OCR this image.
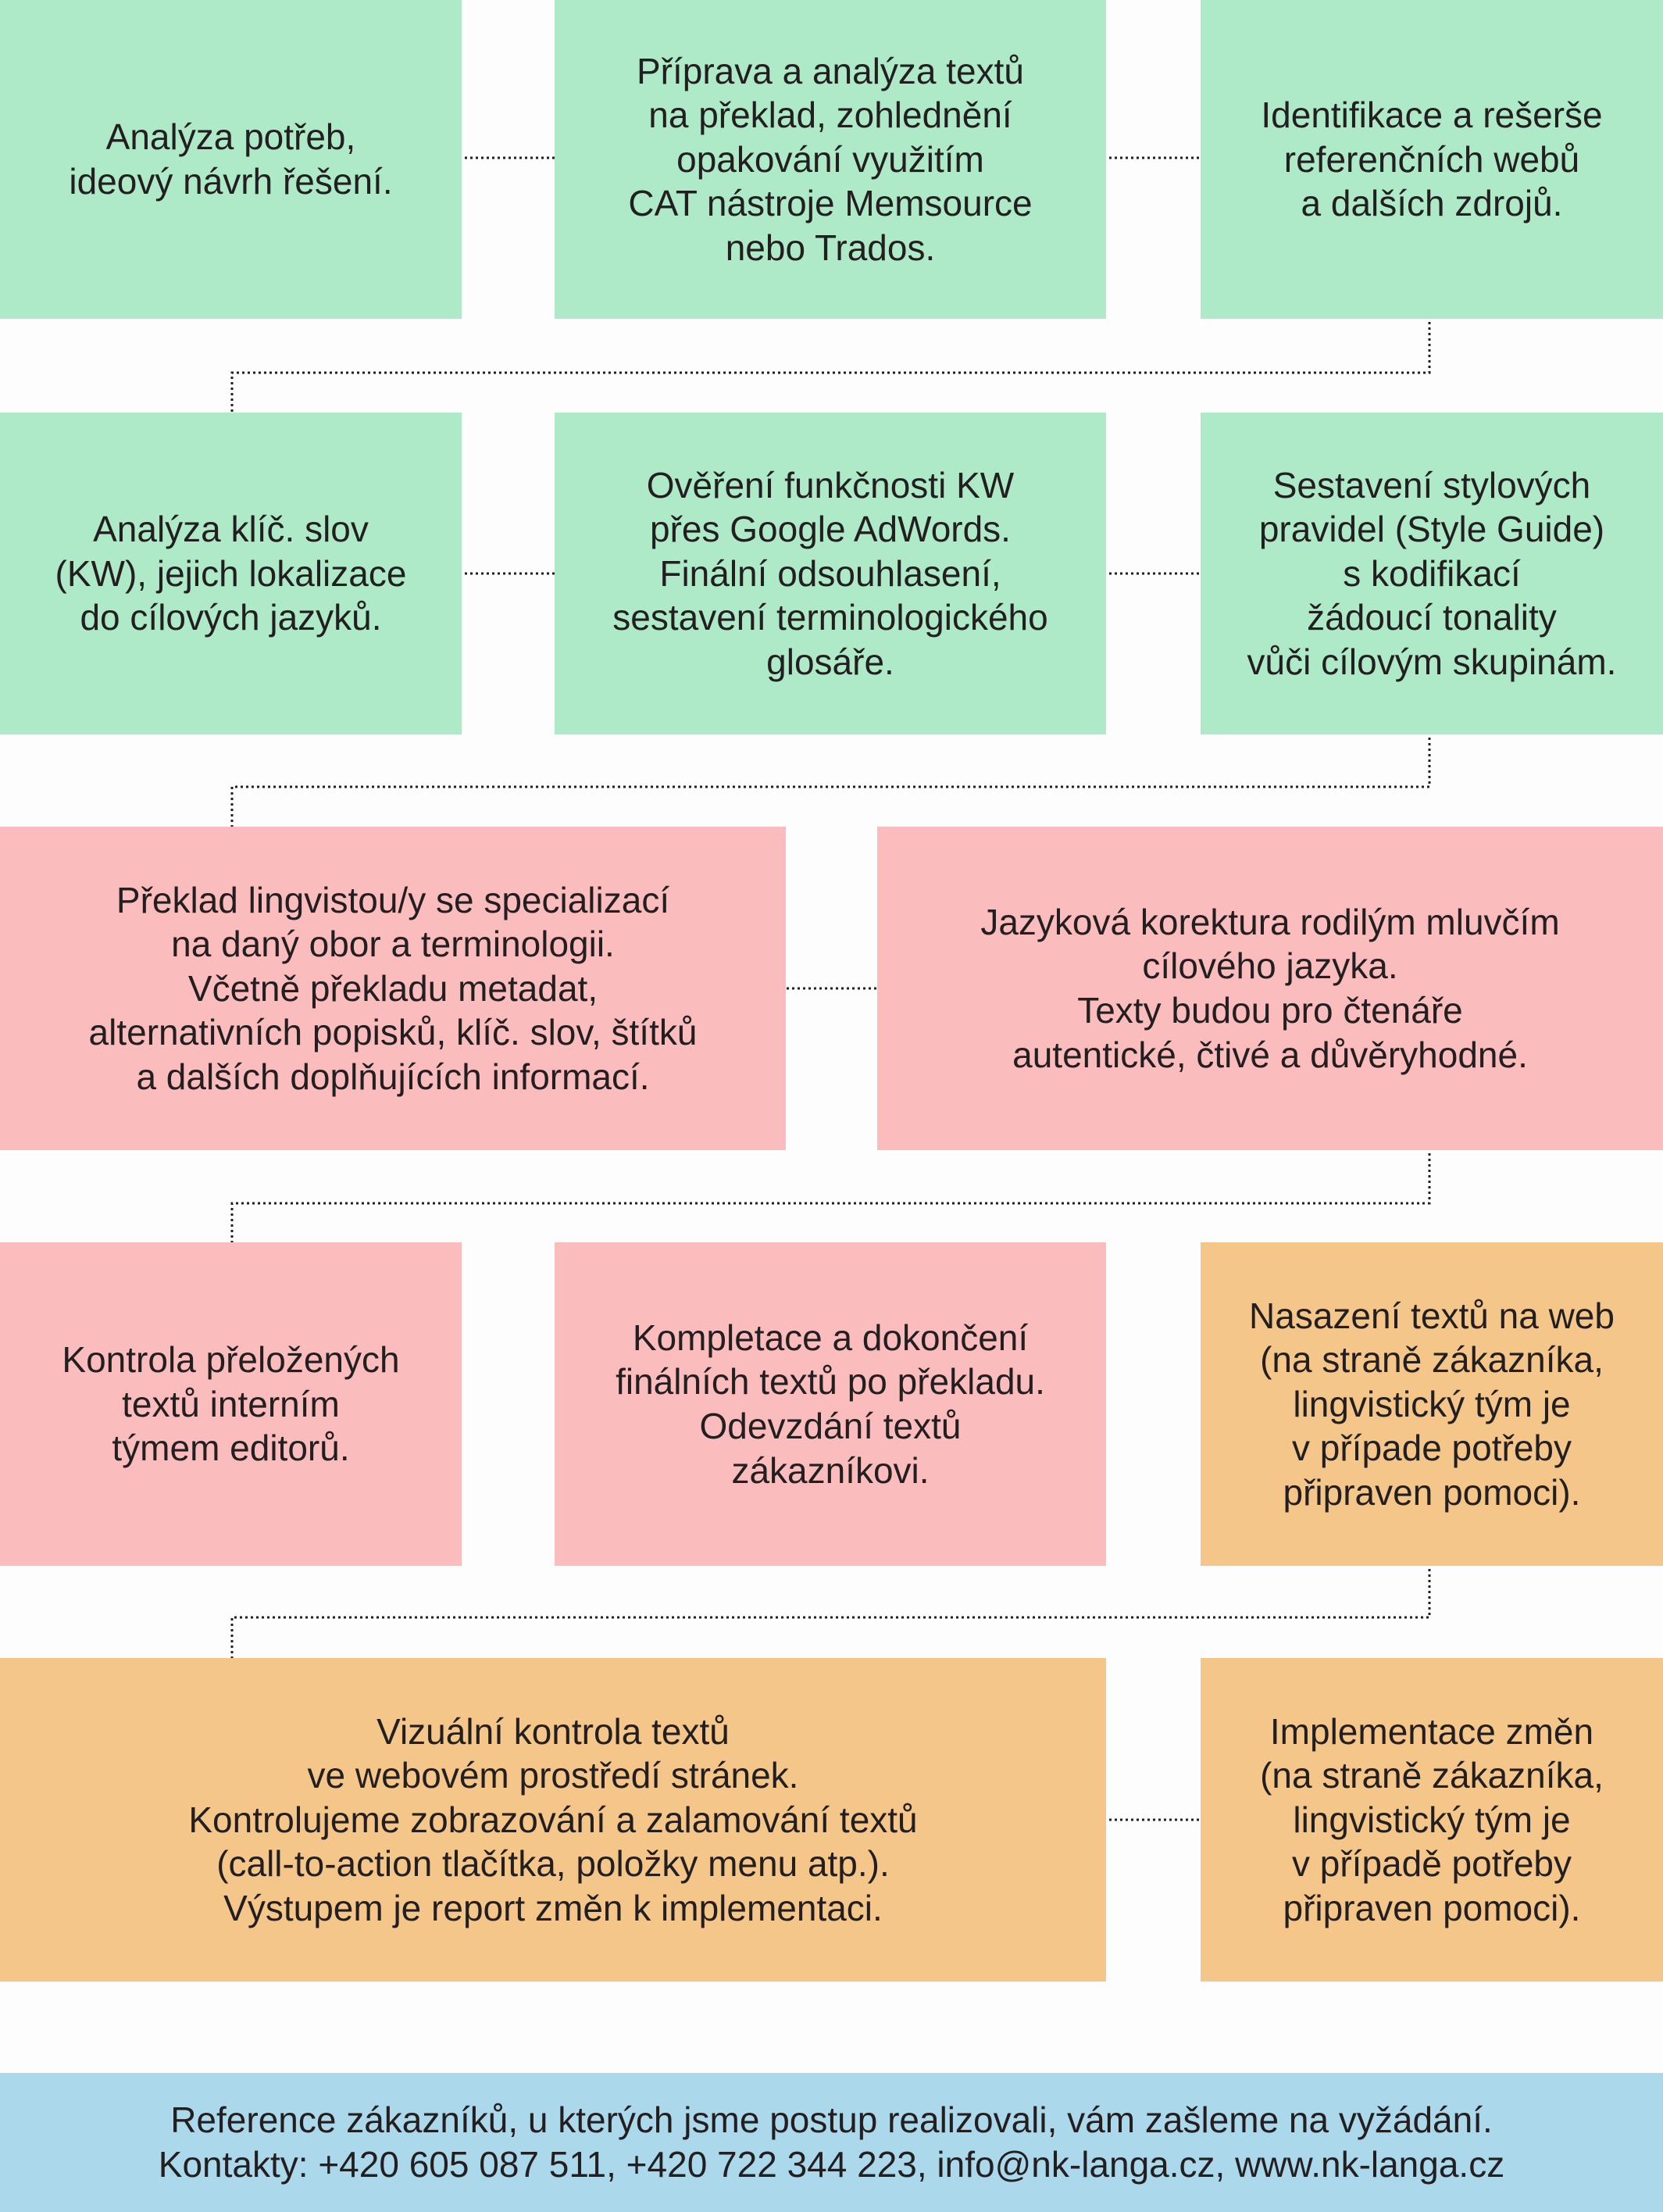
Analýza potřeb,
ideový návrh řešení.
Příprava a analýza textů
na překlad, zohlednění
opakování využitím
CAT nástroje Memsource
nebo Trados.
Identifikace a rešerše
referenčních webů
a dalších zdrojů.
Analýza klíč. slov
(KW), jejich lokalizace
do cílových jazyků.
Ověření funkčnosti KW
přes Google AdWords.
Finální odsouhlasení,
sestavení terminologického
glosáře.
Sestavení stylových
pravidel (Style Guide)
s kodifikací
žádoucí tonality
vůči cílovým skupinám.
Překlad lingvistou/y se specializací
na daný obor a terminologii.
Včetně překladu metadat,
alternativních popisků, klíč. slov, štítků
a dalších doplňujících informací.
Jazyková korektura rodilým mluvčím
cílového jazyka.
Texty budou pro čtenáře
autentické, čtivé a důvěryhodné.
Kontrola přeložených
textů interním
týmem editorů.
Kompletace a dokončení
finálních textů po překladu.
Odevzdání textů
zákazníkovi.
Nasazení textů na web
(na straně zákazníka,
lingvistický tým je
v případe potřeby
připraven pomoci).
Vizuální kontrola textů
ve webovém prostředí stránek.
Kontrolujeme zobrazování a zalamování textů
(call-to-action tlačítka, položky menu atp.).
Výstupem je report změn k implementaci.
Implementace změn
(na straně zákazníka,
lingvistický tým je
v případě potřeby
připraven pomoci).
Reference zákazníků, u kterých jsme postup realizovali, vám zašleme na vyžádání.
Kontakty: +420 605 087 511, +420 722 344 223, info@nk-langa.cz, www.nk-langa.cz
